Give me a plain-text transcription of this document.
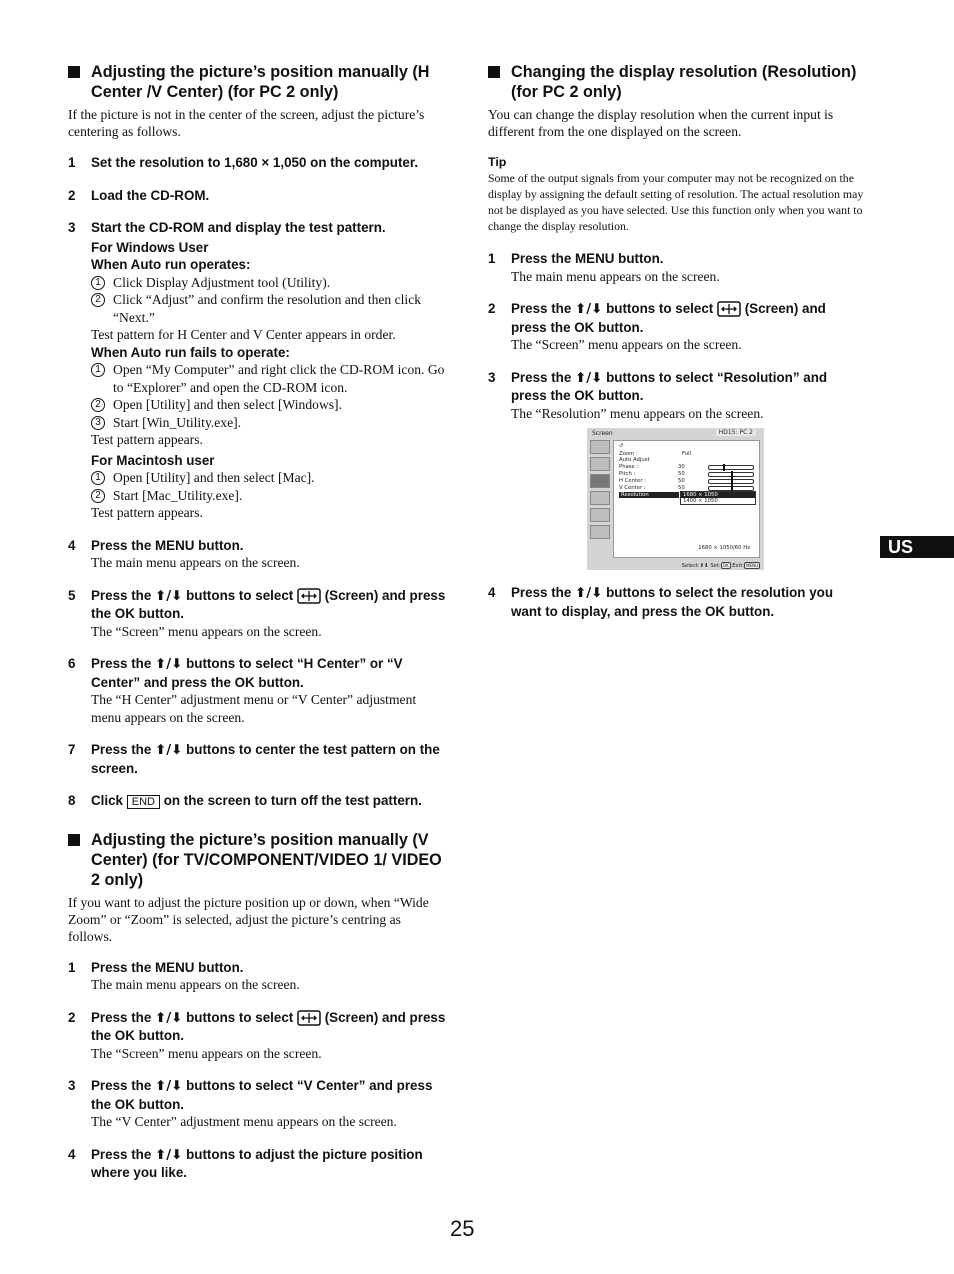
Adjusting the picture’s position manually (H Center /V Center) (for PC 2 only)

If the picture is not in the center of the screen, adjust the picture’s centering as follows.

1 Set the resolution to 1,680 × 1,050 on the computer.
2 Load the CD-ROM.
3 Start the CD-ROM and display the test pattern.
For Windows User
When Auto run operates:
1 Click Display Adjustment tool (Utility).
2 Click “Adjust” and confirm the resolution and then click “Next.”
Test pattern for H Center and V Center appears in order.
When Auto run fails to operate:
1 Open “My Computer” and right click the CD-ROM icon. Go to “Explorer” and open the CD-ROM icon.
2 Open [Utility] and then select [Windows].
3 Start [Win_Utility.exe].
Test pattern appears.
For Macintosh user
1 Open [Utility] and then select [Mac].
2 Start [Mac_Utility.exe].
Test pattern appears.
4 Press the MENU button.
The main menu appears on the screen.
5 Press the ⬆/⬇ buttons to select (Screen) and press the OK button.
The “Screen” menu appears on the screen.
6 Press the ⬆/⬇ buttons to select “H Center” or “V Center” and press the OK button.
The “H Center” adjustment menu or “V Center” adjustment menu appears on the screen.
7 Press the ⬆/⬇ buttons to center the test pattern on the screen.
8 Click END on the screen to turn off the test pattern.
Adjusting the picture’s position manually (V Center) (for TV/COMPONENT/VIDEO 1/ VIDEO 2 only)

If you want to adjust the picture position up or down, when “Wide Zoom” or “Zoom” is selected, adjust the picture’s centring as follows.

1 Press the MENU button.
The main menu appears on the screen.
2 Press the ⬆/⬇ buttons to select (Screen) and press the OK button.
The “Screen” menu appears on the screen.
3 Press the ⬆/⬇ buttons to select “V Center” and press the OK button.
The “V Center” adjustment menu appears on the screen.
4 Press the ⬆/⬇ buttons to adjust the picture position where you like.
Changing the display resolution (Resolution) (for PC 2 only)

You can change the display resolution when the current input is different from the one displayed on the screen.

Tip

Some of the output signals from your computer may not be recognized on the display by assigning the default setting of resolution. The actual resolution may not be displayed as you have selected. Use this function only when you want to change the display resolution.

1 Press the MENU button.
The main menu appears on the screen.
2 Press the ⬆/⬇ buttons to select (Screen) and press the OK button.
The “Screen” menu appears on the screen.
3 Press the ⬆/⬇ buttons to select “Resolution” and press the OK button.
The “Resolution” menu appears on the screen.
Screen	HD15: PC 2
↺
Zoom :	Full
Auto Adjust
Phase :	30
Pitch :	50
H Center :	50
V Center :	50
Resolution	1680 × 1050
1400 × 1050
1680 × 1050/60 Hz
Select:⬆⬇ Set: OK Exit: MENU
4 Press the ⬆/⬇ buttons to select the resolution you want to display, and press the OK button.
US
25
